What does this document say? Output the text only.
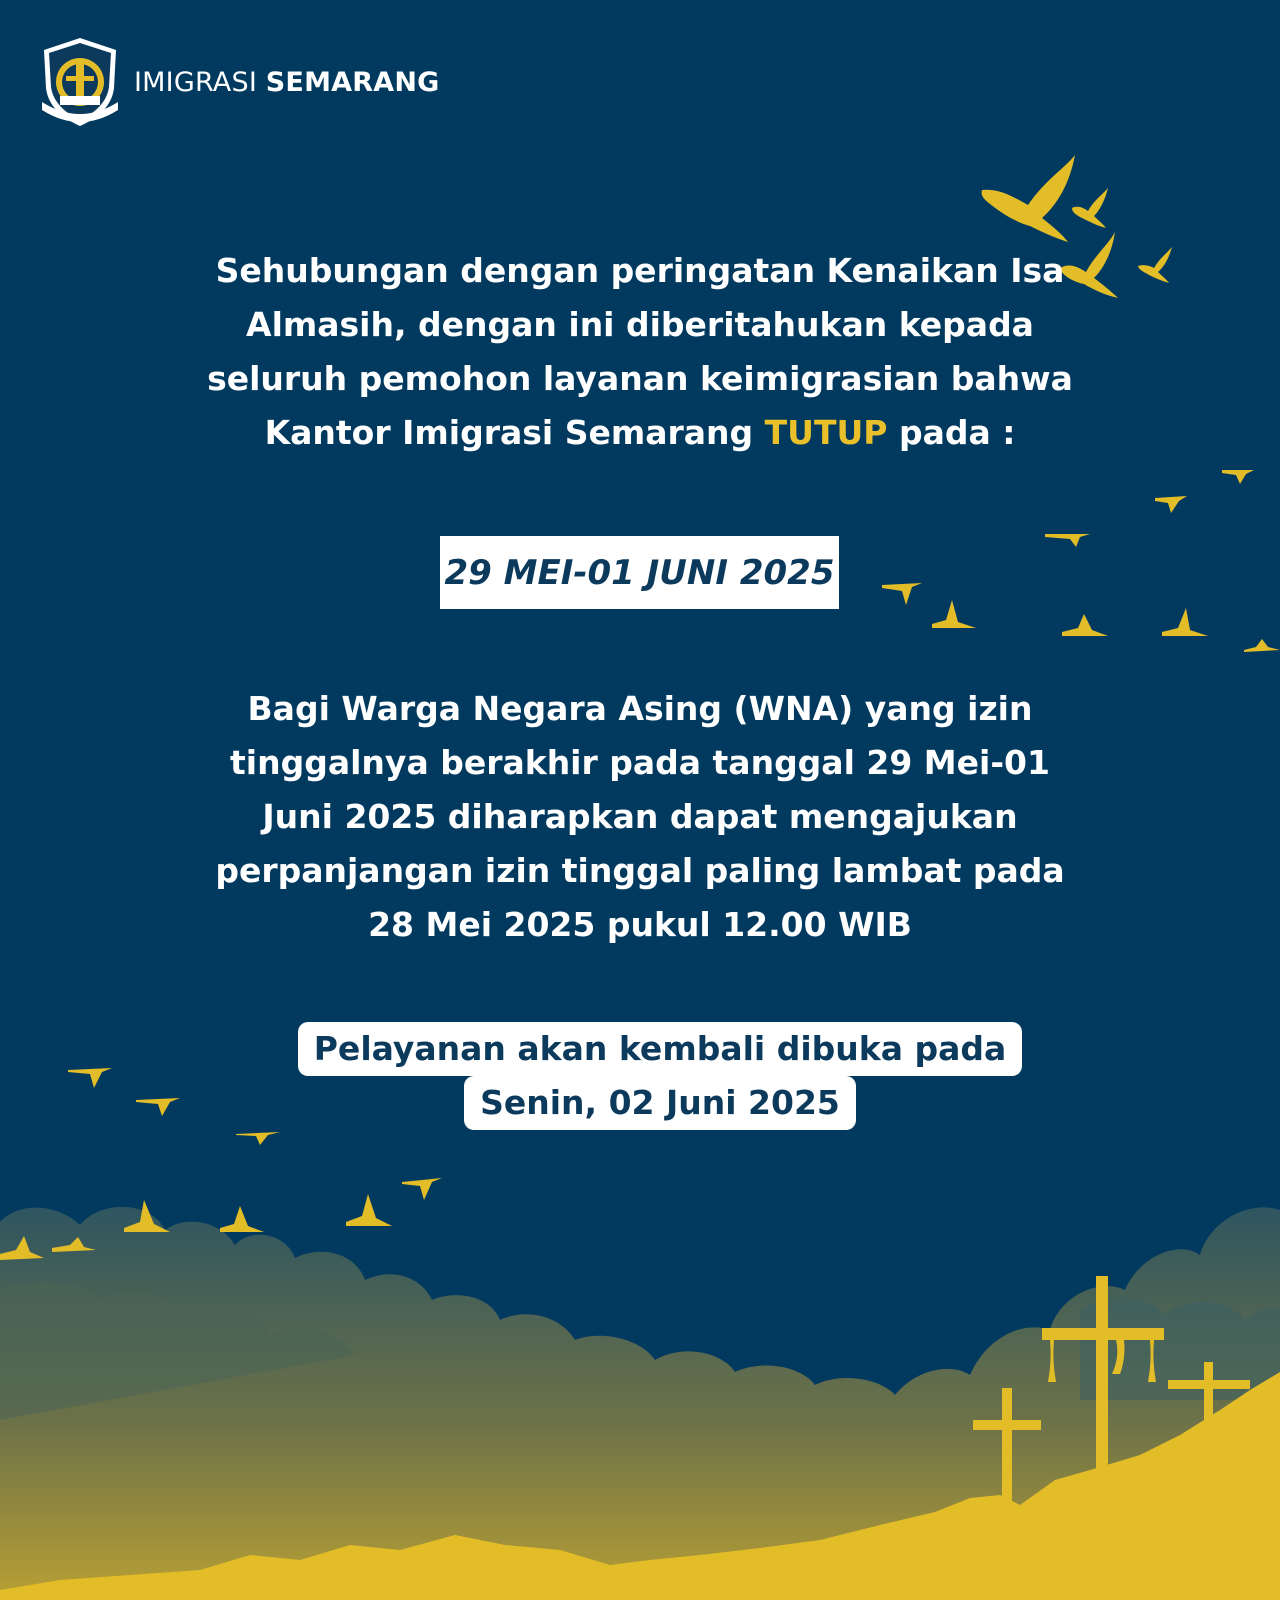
IMIGRASI SEMARANG
Sehubungan dengan peringatan Kenaikan Isa Almasih, dengan ini diberitahukan kepada seluruh pemohon layanan keimigrasian bahwa Kantor Imigrasi Semarang TUTUP pada :
29 MEI-01 JUNI 2025
Bagi Warga Negara Asing (WNA) yang izin tinggalnya berakhir pada tanggal 29 Mei-01 Juni 2025 diharapkan dapat mengajukan perpanjangan izin tinggal paling lambat pada 28 Mei 2025 pukul 12.00 WIB
Pelayanan akan kembali dibuka pada
Senin, 02 Juni 2025
